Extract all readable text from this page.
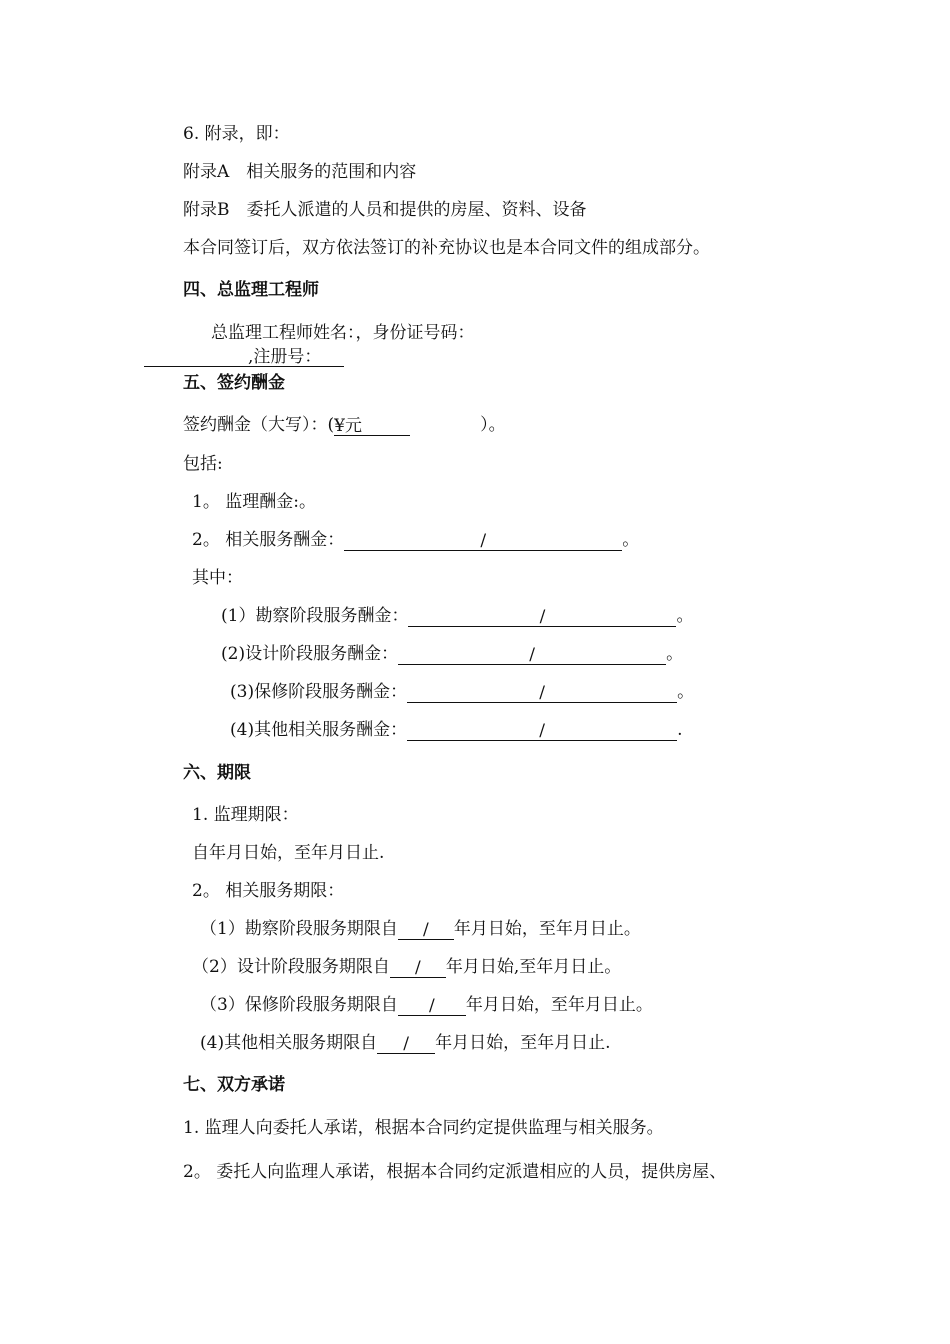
6. 附录，即：
附录A　相关服务的范围和内容
附录B　委托人派遣的人员和提供的房屋、资料、设备
本合同签订后，双方依法签订的补充协议也是本合同文件的组成部分。
四、总监理工程师
总监理工程师姓名：，身份证号码：
,注册号：
五、签约酬金
签约酬金（大写）：(¥元	）。
包括:
1。 监理酬金:。
2。 相关服务酬金：	/	。
其中：
(1）勘察阶段服务酬金：	/	。
(2)设计阶段服务酬金：	/	。
(3)保修阶段服务酬金：	/	。
(4)其他相关服务酬金：	/	.
六、期限
1. 监理期限：
自年月日始，至年月日止.
2。 相关服务期限：
（1）勘察阶段服务期限自 / 年月日始，至年月日止。
（2）设计阶段服务期限自 / 年月日始,至年月日止。
（3）保修阶段服务期限自 / 年月日始，至年月日止。
(4)其他相关服务期限自 / 年月日始，至年月日止.
七、双方承诺
1. 监理人向委托人承诺，根据本合同约定提供监理与相关服务。
2。 委托人向监理人承诺，根据本合同约定派遣相应的人员，提供房屋、
